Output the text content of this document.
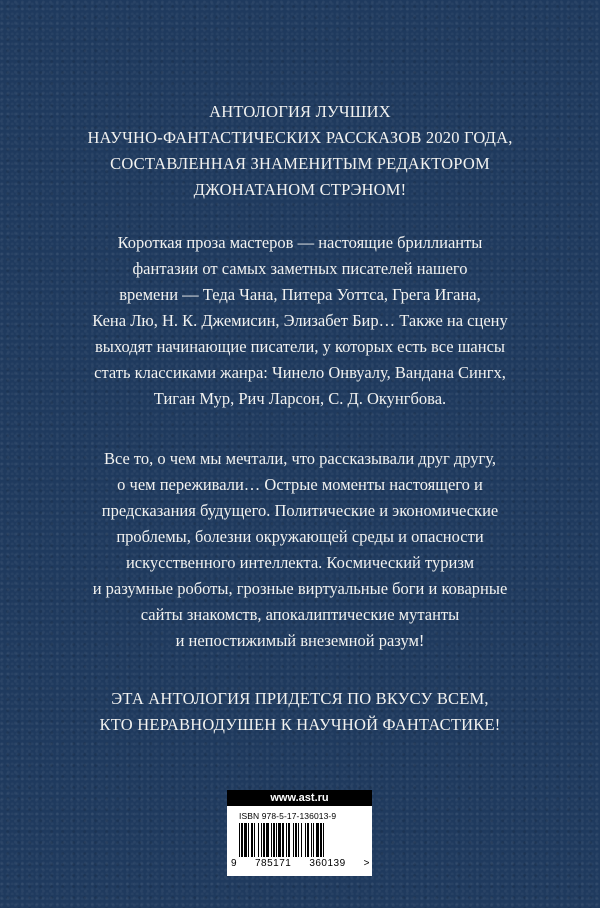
АНТОЛОГИЯ ЛУЧШИХ
НАУЧНО-ФАНТАСТИЧЕСКИХ РАССКАЗОВ 2020 ГОДА,
СОСТАВЛЕННАЯ ЗНАМЕНИТЫМ РЕДАКТОРОМ
ДЖОНАТАНОМ СТРЭНОМ!
Короткая проза мастеров — настоящие бриллианты
фантазии от самых заметных писателей нашего
времени — Теда Чана, Питера Уоттса, Грега Игана,
Кена Лю, Н. К. Джемисин, Элизабет Бир… Также на сцену
выходят начинающие писатели, у которых есть все шансы
стать классиками жанра: Чинело Онвуалу, Вандана Сингх,
Тиган Мур, Рич Ларсон, С. Д. Окунгбова.
Все то, о чем мы мечтали, что рассказывали друг другу,
о чем переживали… Острые моменты настоящего и
предсказания будущего. Политические и экономические
проблемы, болезни окружающей среды и опасности
искусственного интеллекта. Космический туризм
и разумные роботы, грозные виртуальные боги и коварные
сайты знакомств, апокалиптические мутанты
и непостижимый внеземной разум!
ЭТА АНТОЛОГИЯ ПРИДЕТСЯ ПО ВКУСУ ВСЕМ,
КТО НЕРАВНОДУШЕН К НАУЧНОЙ ФАНТАСТИКЕ!
www.ast.ru
ISBN 978-5-17-136013-9
9 785171 360139 >
